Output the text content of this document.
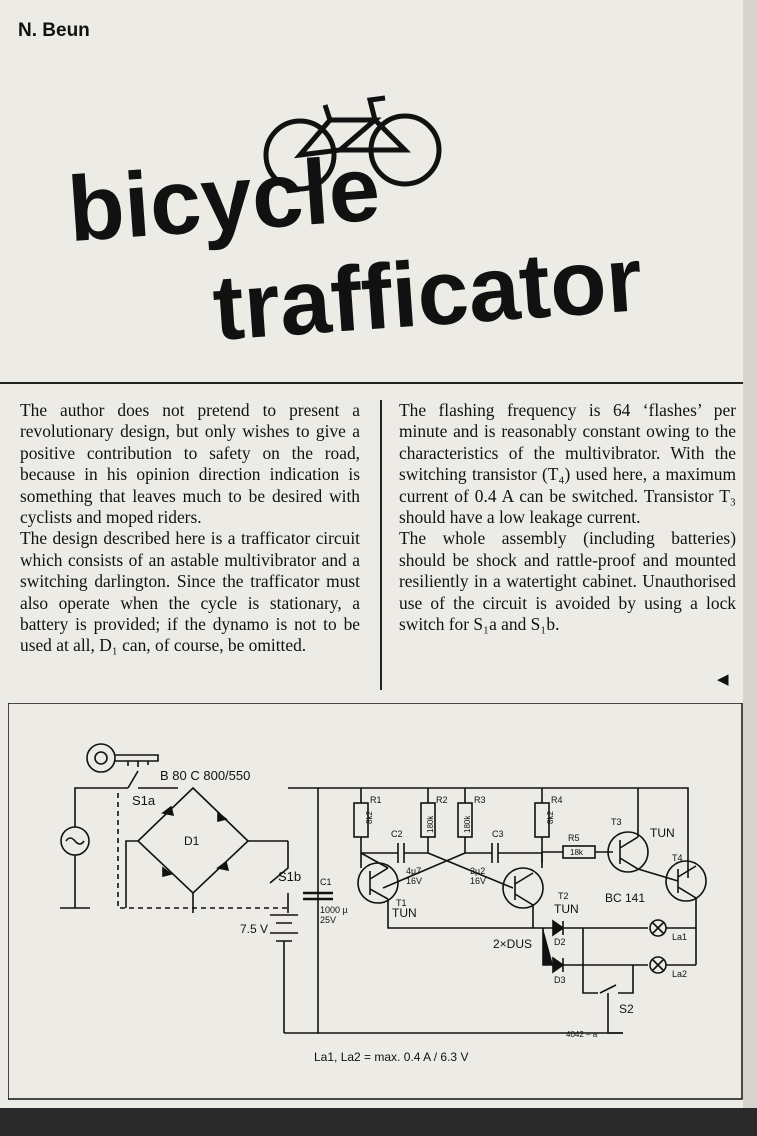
N. Beun
bicycle
trafficator

The author does not pretend to present a revolutionary design, but only wishes to give a positive contribution to safety on the road, because in his opinion direction indication is something that leaves much to be desired with cyclists and moped riders.

The design described here is a trafficator circuit which consists of an astable multivibrator and a switching darlington. Since the trafficator must also operate when the cycle is stationary, a battery is provided; if the dynamo is not to be used at all, D₁ can, of course, be omitted.

The flashing frequency is 64 ‘flashes’ per minute and is reasonably constant owing to the characteristics of the multivibrator. With the switching transistor (T₄) used here, a maximum current of 0.4 A can be switched. Transistor T₃ should have a low leakage current.

The whole assembly (including batteries) should be shock and rattle-proof and mounted resiliently in a watertight cabinet. Unauthorised use of the circuit is avoided by using a lock switch for S₁a and S₁b.

◀
B 80 C 800/550
S1a
D1
S1b
7.5 V
C1
1000 µ
25V
R1
8k2
R2
180k
R3
180k
R4
8k2
R5
18k
C2
4µ7
16V
C3
2µ2
16V
T1
TUN
T2
TUN
T3
TUN
T4
BC 141
D2
D3
2×DUS	La1
La2
S2
4042 – a
La1, La2 = max. 0.4 A / 6.3 V
